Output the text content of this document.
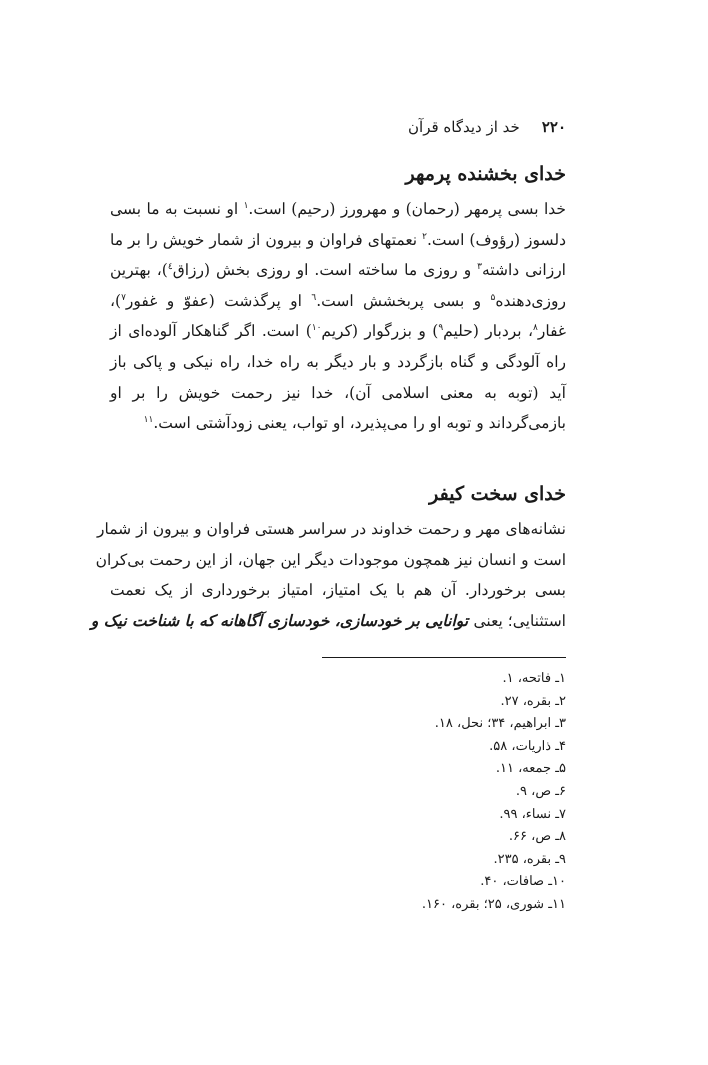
۲۲۰
خد از دیدگاه قرآن
خدای بخشنده پرمهر
خدا بسی پرمهر (رحمان) و مهرورز (رحیم) است.$^۱$ او نسبت به ما بسی
دلسوز (رؤوف) است.$^۲$ نعمتهای فراوان و بیرون از شمار خویش را بر ما
ارزانی داشته$^۳$ و روزی ما ساخته است. او روزی بخش (رزاق$^٤$)، بهترین
روزی‌دهنده$^۵$ و بسی پربخشش است.$^٦$ او پرگذشت (عفوّ و غفور$^۷$)،
غفار$^۸$، بردبار (حلیم$^۹$) و بزرگوار (کریم$^{۱۰}$) است. اگر گناهکار آلوده‌ای از
راه آلودگی و گناه بازگردد و بار دیگر به راه خدا، راه نیکی و پاکی باز
آید (توبه به معنی اسلامی آن)، خدا نیز رحمت خویش را بر او
بازمی‌گرداند و توبه او را می‌پذیرد، او تواب، یعنی زودآشتی است.$^{۱۱}$
خدای سخت کیفر
نشانه‌های مهر و رحمت خداوند در سراسر هستی فراوان و بیرون از شمار
است و انسان نیز همچون موجودات دیگر این جهان، از این رحمت بی‌کران
بسی برخوردار. آن هم با یک امتیاز، امتیاز برخورداری از یک نعمت
استثنایی؛ یعنی توانایی بر خودسازی، خودسازی آگاهانه که با شناخت نیک و
۱ـ فاتحه، ۱.
۲ـ بقره، ۲۷.
۳ـ ابراهیم، ۳۴؛ نحل، ۱۸.
۴ـ ذاریات، ۵۸.
۵ـ جمعه، ۱۱.
۶ـ ص، ۹.
۷ـ نساء، ۹۹.
۸ـ ص، ۶۶.
۹ـ بقره، ۲۳۵.
۱۰ـ صافات، ۴۰.
۱۱ـ شوری، ۲۵؛ بقره، ۱۶۰.
